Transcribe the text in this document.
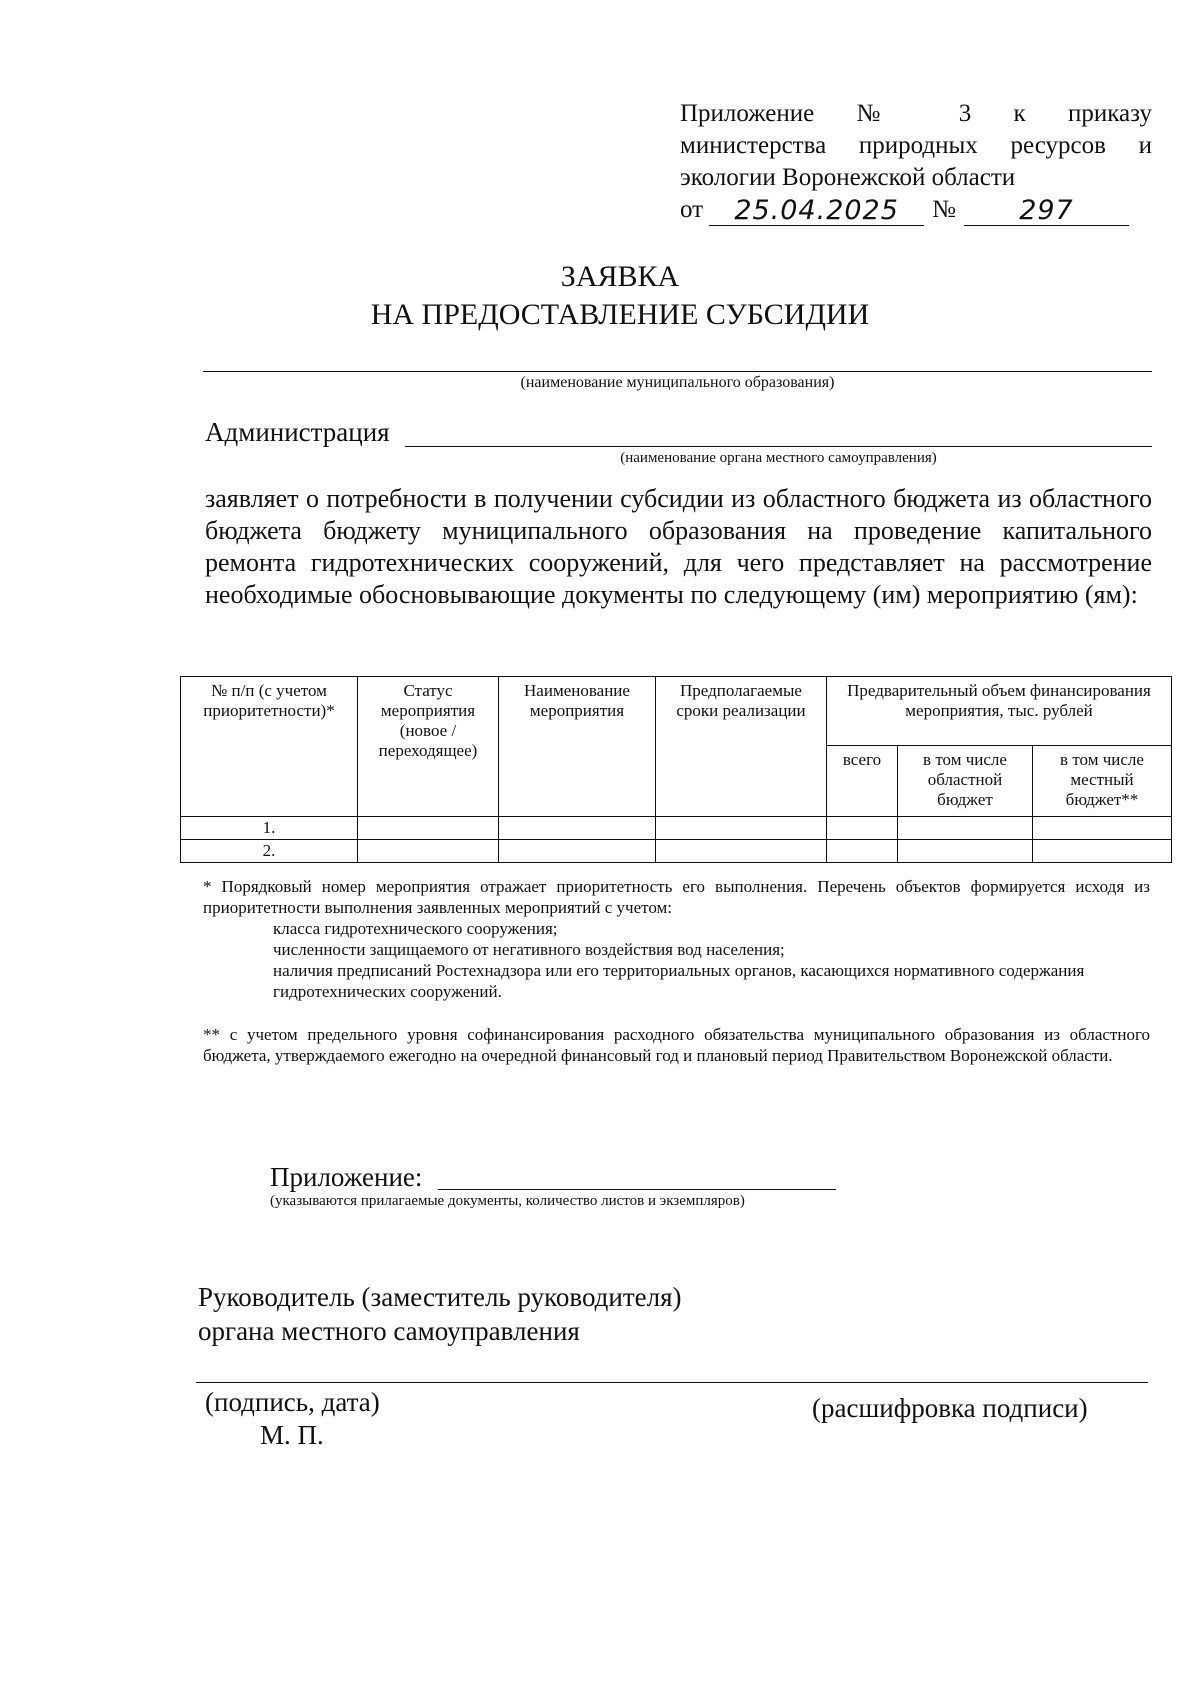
Приложение № 3 к приказу
министерства природных ресурсов и
экологии Воронежской области
от	25.04.2025	№	297
ЗАЯВКА
НА ПРЕДОСТАВЛЕНИЕ СУБСИДИИ
(наименование муниципального образования)
Администрация
(наименование органа местного самоуправления)
заявляет о потребности в получении субсидии из областного бюджета из областного бюджета бюджету муниципального образования на проведение капитального ремонта гидротехнических сооружений, для чего представляет на рассмотрение необходимые обосновывающие документы по следующему (им) мероприятию (ям):
№ п/п (с учетом приоритетности)*	Статус мероприятия (новое / переходящее)	Наименование мероприятия	Предполагаемые сроки реализации	Предварительный объем финансирования мероприятия, тыс. рублей		
				всего	в том числе областной бюджет	в том числе местный бюджет**
1.						
2.						

* Порядковый номер мероприятия отражает приоритетность его выполнения. Перечень объектов формируется исходя из приоритетности выполнения заявленных мероприятий с учетом:

класса гидротехнического сооружения;

численности защищаемого от негативного воздействия вод населения;

наличия предписаний Ростехнадзора или его территориальных органов, касающихся нормативного содержания гидротехнических сооружений.

** с учетом предельного уровня софинансирования расходного обязательства муниципального образования из областного бюджета, утверждаемого ежегодно на очередной финансовый год и плановый период Правительством Воронежской области.

Приложение:
(указываются прилагаемые документы, количество листов и экземпляров)
Руководитель (заместитель руководителя)
органа местного самоуправления
(подпись, дата)
М. П.
(расшифровка подписи)
